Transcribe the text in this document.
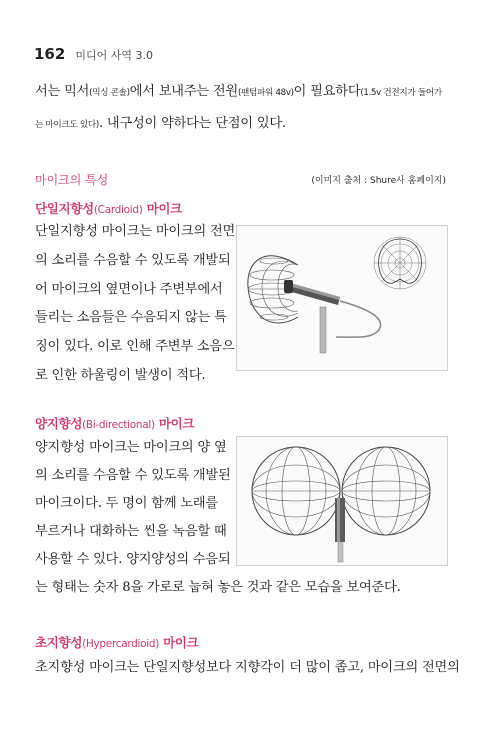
162 미디어 사역 3.0
서는 믹서(믹싱 콘솔)에서 보내주는 전원(팬텀파워 48v)이 필요하다(1.5v 건전지가 들어가
는 마이크도 있다). 내구성이 약하다는 단점이 있다.
마이크의 특성	(이미지 출처 : Shure사 홈페이지)
단일지향성(Cardioid) 마이크
단일지향성 마이크는 마이크의 전면
의 소리를 수음할 수 있도록 개발되
어 마이크의 옆면이나 주변부에서
들리는 소음들은 수음되지 않는 특
징이 있다. 이로 인해 주변부 소음으
로 인한 하울링이 발생이 적다.
양지향성(Bi-directional) 마이크
양지향성 마이크는 마이크의 양 옆
의 소리를 수음할 수 있도록 개발된
마이크이다. 두 명이 함께 노래를
부르거나 대화하는 씬을 녹음할 때
사용할 수 있다. 양지양성의 수음되
는 형태는 숫자 8을 가로로 눕혀 놓은 것과 같은 모습을 보여준다.
초지향성(Hypercardioid) 마이크
초지향성 마이크는 단일지향성보다 지향각이 더 많이 좁고, 마이크의 전면의
